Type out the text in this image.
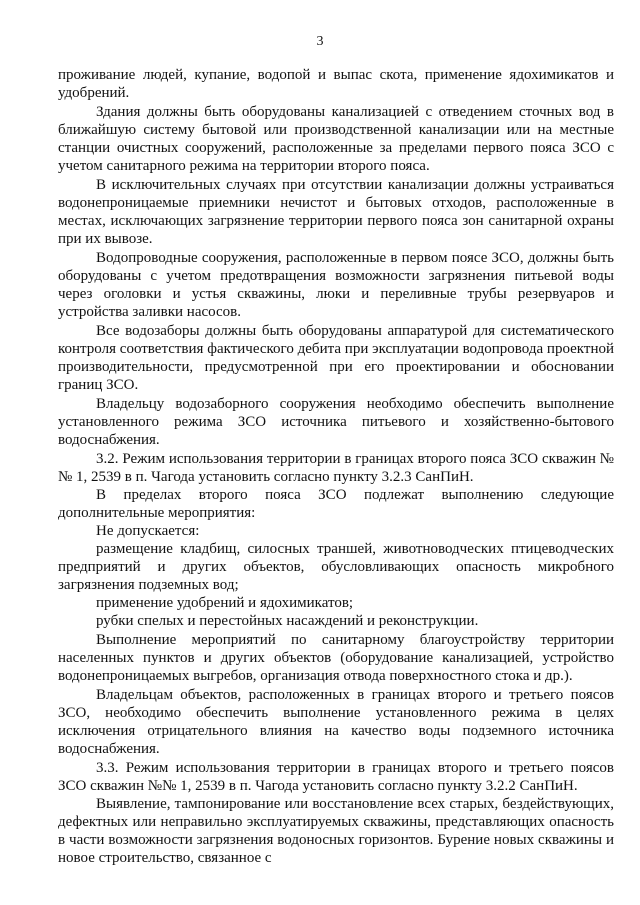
3

проживание людей, купание, водопой и выпас скота, применение ядохимикатов и удобрений.

Здания должны быть оборудованы канализацией с отведением сточных вод в ближайшую систему бытовой или производственной канализации или на местные станции очистных сооружений, расположенные за пределами первого пояса ЗСО с учетом санитарного режима на территории второго пояса.

В исключительных случаях при отсутствии канализации должны устраиваться водонепроницаемые приемники нечистот и бытовых отходов, расположенные в местах, исключающих загрязнение территории первого пояса зон санитарной охраны при их вывозе.

Водопроводные сооружения, расположенные в первом поясе ЗСО, должны быть оборудованы с учетом предотвращения возможности загрязнения питьевой воды через оголовки и устья скважины, люки и переливные трубы резервуаров и устройства заливки насосов.

Все водозаборы должны быть оборудованы аппаратурой для систематического контроля соответствия фактического дебита при эксплуатации водопровода проектной производительности, предусмотренной при его проектировании и обосновании границ ЗСО.

Владельцу водозаборного сооружения необходимо обеспечить выполнение установленного режима ЗСО источника питьевого и хозяйственно-бытового водоснабжения.

3.2. Режим использования территории в границах второго пояса ЗСО скважин №№ 1, 2539 в п. Чагода установить согласно пункту 3.2.3 СанПиН.

В пределах второго пояса ЗСО подлежат выполнению следующие дополнительные мероприятия:

Не допускается:

размещение кладбищ, силосных траншей, животноводческих птицеводческих предприятий и других объектов, обусловливающих опасность микробного загрязнения подземных вод;

применение удобрений и ядохимикатов;

рубки спелых и перестойных насаждений и реконструкции.

Выполнение мероприятий по санитарному благоустройству территории населенных пунктов и других объектов (оборудование канализацией, устройство водонепроницаемых выгребов, организация отвода поверхностного стока и др.).

Владельцам объектов, расположенных в границах второго и третьего поясов ЗСО, необходимо обеспечить выполнение установленного режима в целях исключения отрицательного влияния на качество воды подземного источника водоснабжения.

3.3. Режим использования территории в границах второго и третьего поясов ЗСО скважин №№ 1, 2539 в п. Чагода установить согласно пункту 3.2.2 СанПиН.

Выявление, тампонирование или восстановление всех старых, бездействующих, дефектных или неправильно эксплуатируемых скважины, представляющих опасность в части возможности загрязнения водоносных горизонтов. Бурение новых скважины и новое строительство, связанное с
